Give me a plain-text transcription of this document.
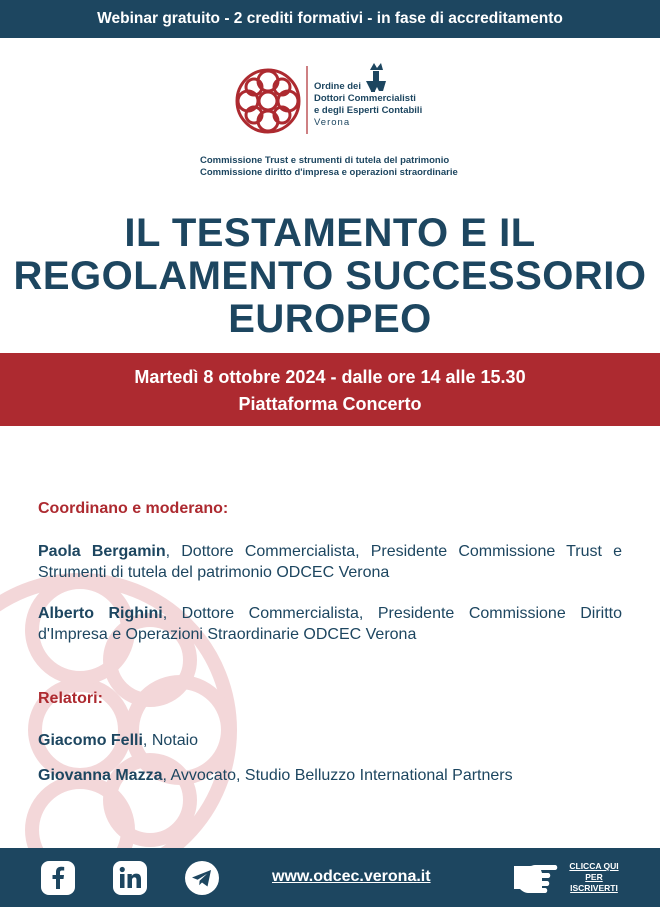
Webinar gratuito - 2 crediti formativi - in fase di accreditamento
Ordine dei
Dottori Commercialisti
e degli Esperti Contabili
Verona
Commissione Trust e strumenti di tutela del patrimonio
Commissione diritto d'impresa e operazioni straordinarie
IL TESTAMENTO E IL
REGOLAMENTO SUCCESSORIO
EUROPEO
Martedì 8 ottobre 2024 - dalle ore 14 alle 15.30
Piattaforma Concerto
Coordinano e moderano:
Paola Bergamin, Dottore Commercialista, Presidente Commissione Trust e Strumenti di tutela del patrimonio ODCEC Verona
Alberto Righini, Dottore Commercialista, Presidente Commissione Diritto d'Impresa e Operazioni Straordinarie ODCEC Verona
Relatori:
Giacomo Felli, Notaio
Giovanna Mazza, Avvocato, Studio Belluzzo International Partners
www.odcec.verona.it
CLICCA QUI
PER
ISCRIVERTI
